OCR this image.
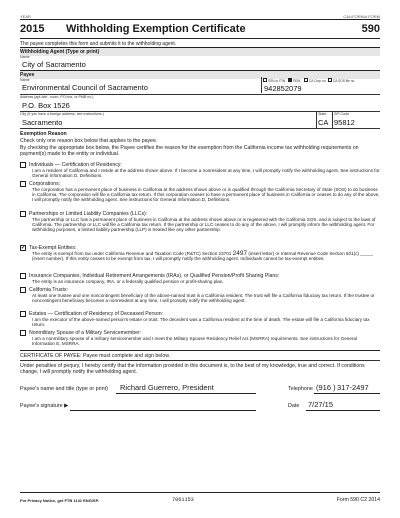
YEAR	CALIFORNIA FORM
2015 Withholding Exemption Certificate	590
The payee completes this form and submits it to the withholding agent.
Withholding Agent (Type or print)
Name
City of Sacramento
Payee
Name
Environmental Council of Sacramento
SSN or ITIN FEIN	CA Corp no. CA SOS file no.
942852079
Address (apt./ste., room, PO box, or PMB no.)
P.O. Box 1526
City (If you have a foreign address, see instructions.)
Sacramento
State
CA
ZIP Code
95812
Exemption Reason
Check only one reason box below that applies to the payee.
By checking the appropriate box below, the Payee certifies the reason for the exemption from the California income tax withholding requirements on payment(s) made to the entity or individual.
Individuals — Certification of Residency:
I am a resident of California and I reside at the address shown above. If I become a nonresident at any time, I will promptly notify the withholding agent. See instructions for General Information D, Definitions.
Corporations:
The corporation has a permanent place of business in California at the address shown above or is qualified through the California Secretary of State (SOS) to do business in California. The corporation will file a California tax return. If this corporation ceases to have a permanent place of business in California or ceases to do any of the above, I will promptly notify the withholding agent. See instructions for General Information D, Definitions.
Partnerships or Limited Liability Companies (LLCs):
The partnership or LLC has a permanent place of business in California at the address shown above or is registered with the California SOS, and is subject to the laws of California. The partnership or LLC will file a California tax return. If the partnership or LLC ceases to do any of the above, I will promptly inform the withholding agent. For withholding purposes, a limited liability partnership (LLP) is treated like any other partnership.
✔ Tax-Exempt Entities:
The entity is exempt from tax under California Revenue and Taxation Code (R&TC) Section 23701 2497 (insert letter) or Internal Revenue Code Section 501(c) _____ (insert number). If this entity ceases to be exempt from tax, I will promptly notify the withholding agent. Individuals cannot be tax-exempt entities.
Insurance Companies, Individual Retirement Arrangements (IRAs), or Qualified Pension/Profit Sharing Plans:
The entity is an insurance company, IRA, or a federally qualified pension or profit-sharing plan.
California Trusts:
At least one trustee and one noncontingent beneficiary of the above-named trust is a California resident. The trust will file a California fiduciary tax return. If the trustee or noncontingent beneficiary becomes a nonresident at any time, I will promptly notify the withholding agent.
Estates — Certification of Residency of Deceased Person:
I am the executor of the above-named person's estate or trust. The decedent was a California resident at the time of death. The estate will file a California fiduciary tax return.
Nonmilitary Spouse of a Military Servicemember:
I am a nonmilitary spouse of a military servicemember and I meet the Military Spouse Residency Relief Act (MSRRA) requirements. See instructions for General Information E, MSRRA.
CERTIFICATE OF PAYEE: Payee must complete and sign below.
Under penalties of perjury, I hereby certify that the information provided in this document is, to the best of my knowledge, true and correct. If conditions change, I will promptly notify the withholding agent.
Payee's name and title (type or print) Richard Guerrero, President	Telephone (916 ) 317-2497
Payee's signature ▶	Date 7/27/15
For Privacy Notice, get FTB 1131 ENG/SP.	7061153	Form 590 C2 2014
